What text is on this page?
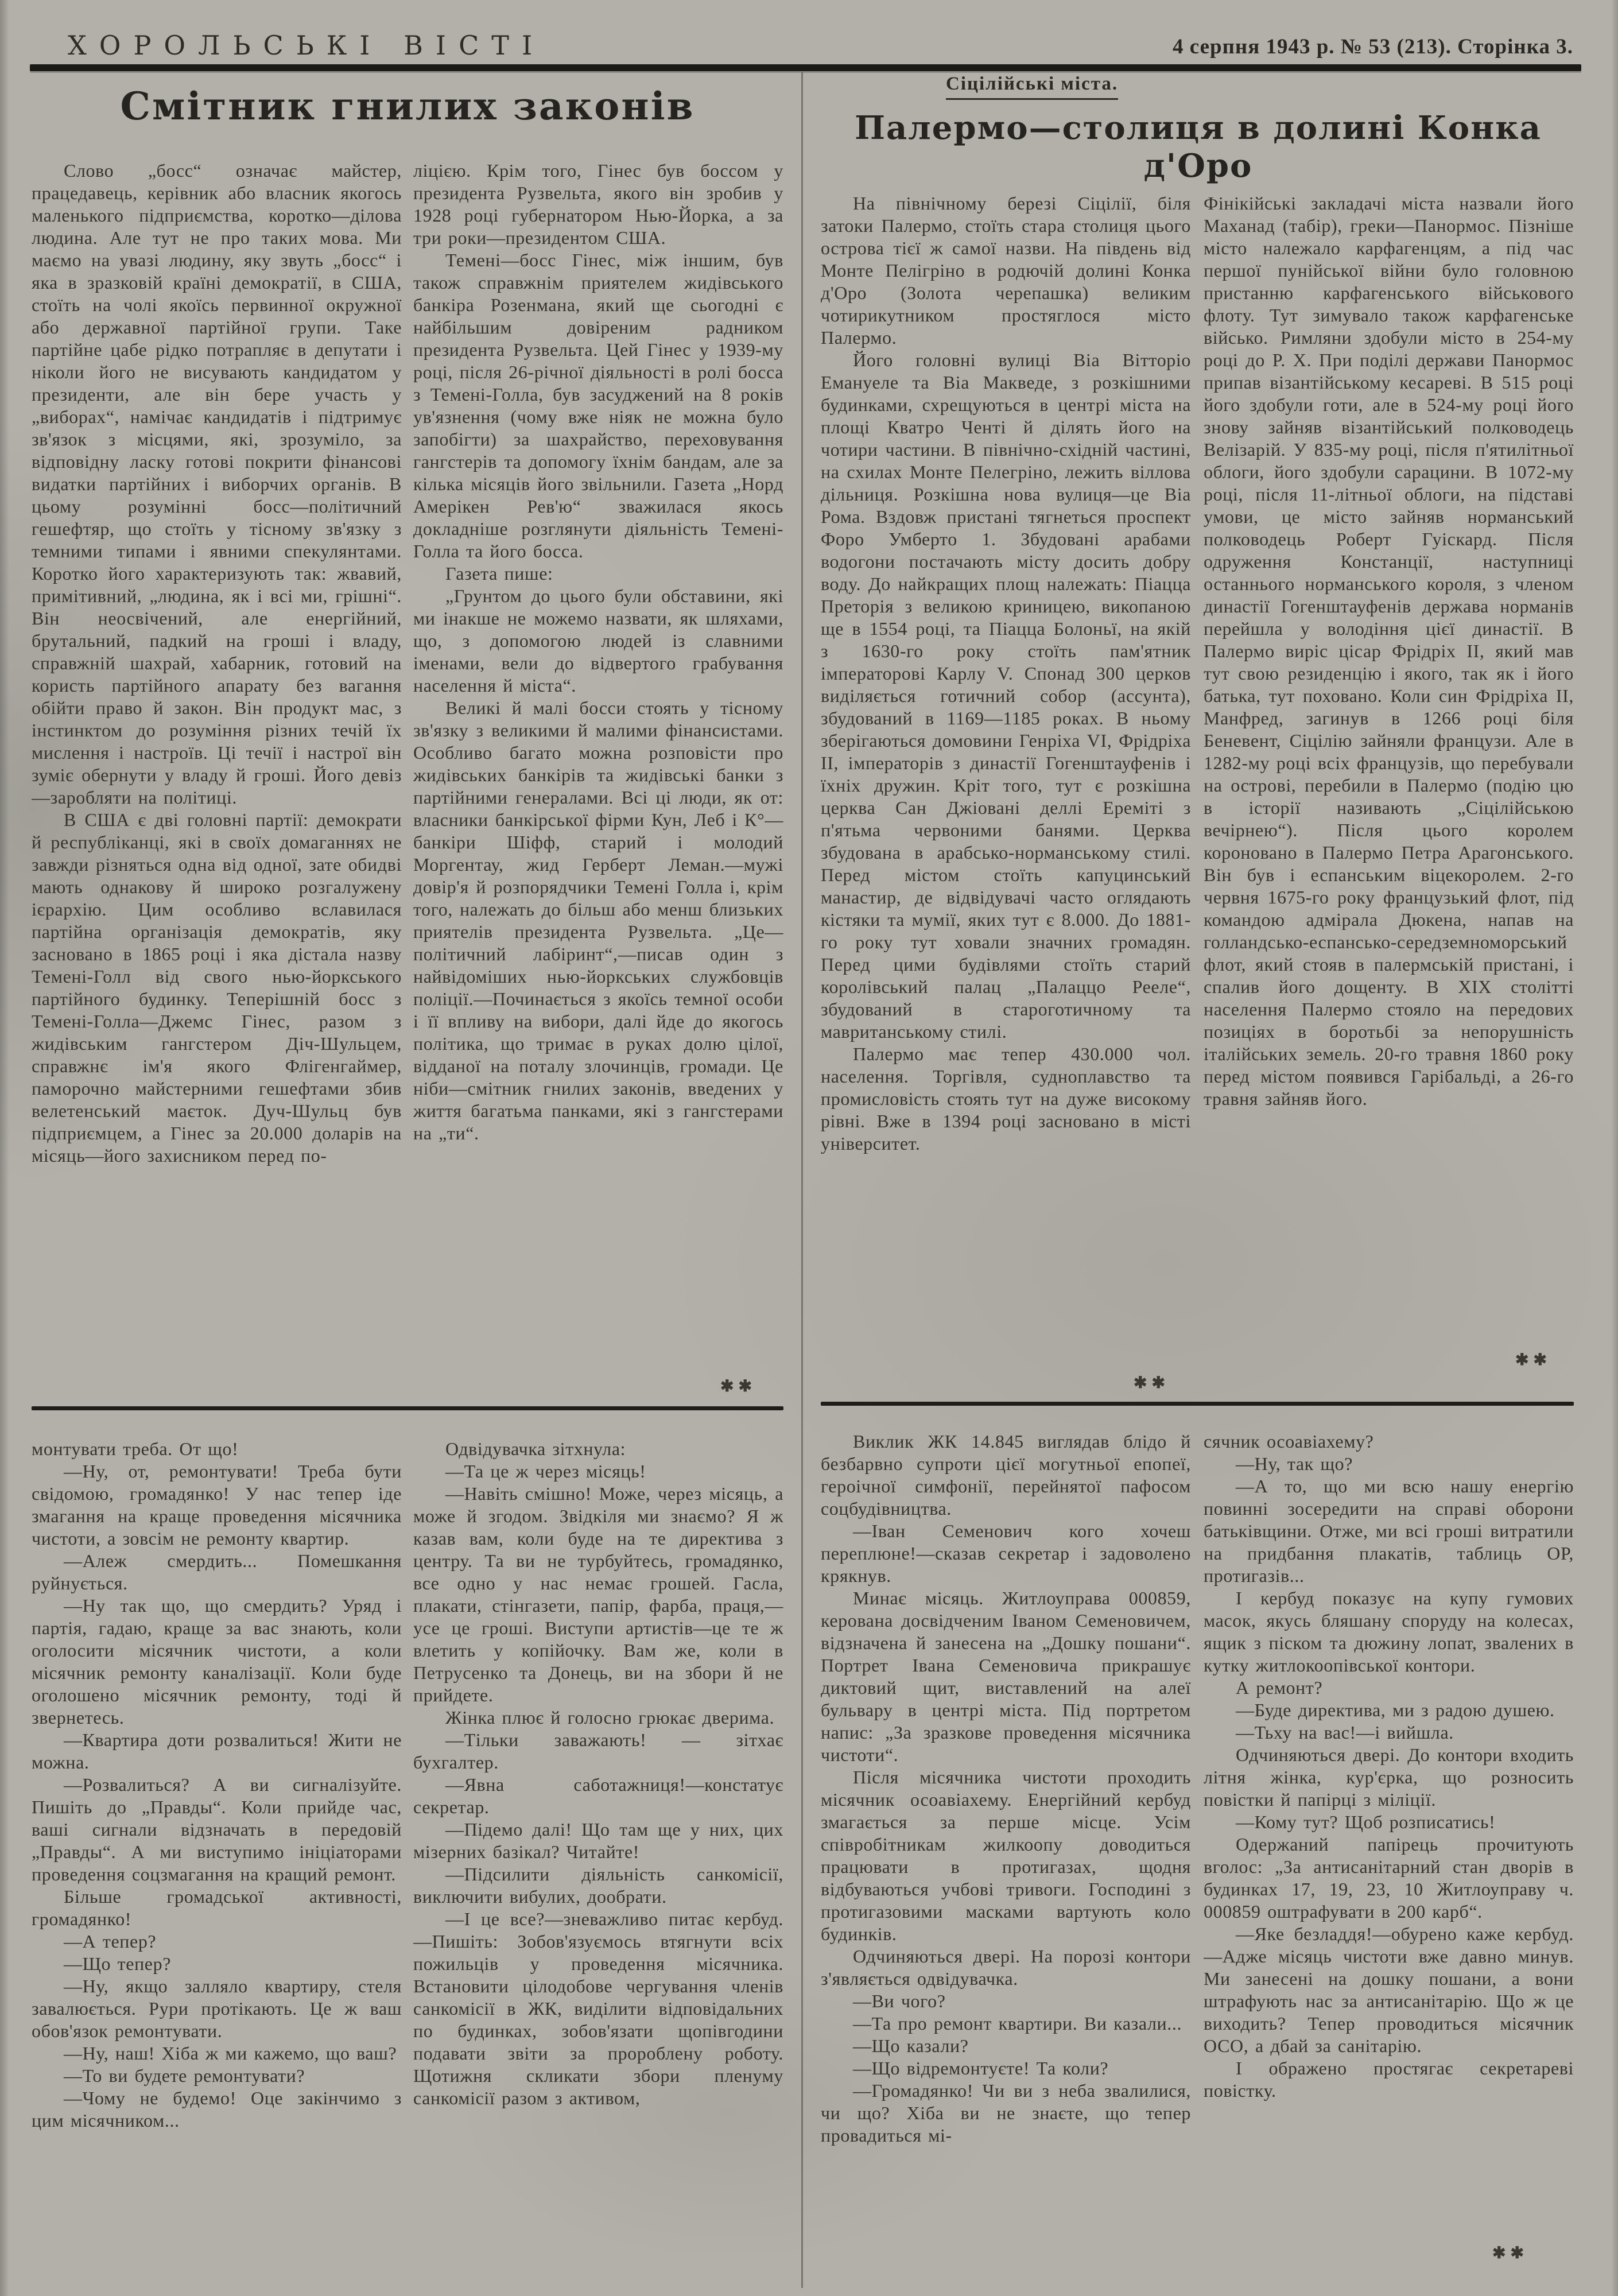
ХОРОЛЬСЬКІ ВІСТІ	4 серпня 1943 р. № 53 (213). Сторінка 3.
Смітник гнилих законів

Слово „босс“ означає майстер, працедавець, керівник або власник якогось маленького підприємства, коротко—ділова людина. Але тут не про таких мова. Ми маємо на увазі людину, яку звуть „босс“ і яка в зразковій країні демократії, в США, стоїть на чолі якоїсь первинної окружної або державної партійної групи. Таке партійне цабе рідко потрапляє в депутати і ніколи його не висувають кандидатом у президенти, але він бере участь у „виборах“, намічає кандидатів і підтримує зв'язок з місцями, які, зрозуміло, за відповідну ласку готові покрити фінансові видатки партійних і виборчих органів. В цьому розумінні босс—політичний гешефтяр, що стоїть у тісному зв'язку з темними типами і явними спекулянтами. Коротко його характеризують так: жвавий, примітивний, „людина, як і всі ми, грішні“. Він неосвічений, але енергійний, брутальний, падкий на гроші і владу, справжній шахрай, хабарник, готовий на користь партійного апарату без вагання обійти право й закон. Він продукт мас, з інстинктом до розуміння різних течій їх мислення і настроїв. Ці течії і настрої він зуміє обернути у владу й гроші. Його девіз—заробляти на політиці.

В США є дві головні партії: демократи й республіканці, які в своїх домаганнях не завжди різняться одна від одної, зате обидві мають однакову й широко розгалужену ієрархію. Цим особливо вславилася партійна організація демократів, яку засновано в 1865 році і яка дістала назву Темені-Голл від свого нью-йоркського партійного будинку. Теперішній босс з Темені-Голла—Джемс Гінес, разом з жидівським гангстером Діч-Шульцем, справжнє ім'я якого Флігенгаймер, паморочно майстерними гешефтами збив велетенський маєток. Дуч-Шульц був підприємцем, а Гінес за 20.000 доларів на місяць—його захисником перед по-

ліцією. Крім того, Гінес був боссом у президента Рузвельта, якого він зробив у 1928 році губернатором Нью-Йорка, а за три роки—президентом США.

Темені—босс Гінес, між іншим, був також справжнім приятелем жидівського банкіра Розенмана, який ще сьогодні є найбільшим довіреним радником президента Рузвельта. Цей Гінес у 1939-му році, після 26-річної діяльності в ролі босса з Темені-Голла, був засуджений на 8 років ув'язнення (чому вже ніяк не можна було запобігти) за шахрайство, переховування гангстерів та допомогу їхнім бандам, але за кілька місяців його звільнили. Газета „Норд Амерікен Рев'ю“ зважилася якось докладніше розглянути діяльність Темені-Голла та його босса.

Газета пише:

„Грунтом до цього були обставини, які ми інакше не можемо назвати, як шляхами, що, з допомогою людей із славними іменами, вели до відвертого грабування населення й міста“.

Великі й малі босси стоять у тісному зв'язку з великими й малими фінансистами. Особливо багато можна розповісти про жидівських банкірів та жидівські банки з партійними генералами. Всі ці люди, як от: власники банкірської фірми Кун, Леб і К°—банкіри Шіфф, старий і молодий Моргентау, жид Герберт Леман.—мужі довір'я й розпорядчики Темені Голла і, крім того, належать до більш або менш близьких приятелів президента Рузвельта. „Це—політичний лабіринт“,—писав один з найвідоміших нью-йоркських службовців поліції.—Починається з якоїсь темної особи і її впливу на вибори, далі йде до якогось політика, що тримає в руках долю цілої, відданої на поталу злочинців, громади. Це ніби—смітник гнилих законів, введених у життя багатьма панками, які з гангстерами на „ти“.

✱✱
Сіцілійські міста.
Палермо—столиця в долині Конка д'Оро

На північному березі Сіцілії, біля затоки Палермо, стоїть стара столиця цього острова тієї ж самої назви. На південь від Монте Пелігріно в родючій долині Конка д'Оро (Золота черепашка) великим чотирикутником простяглося місто Палермо.

Його головні вулиці Віа Вітторіо Емануеле та Віа Макведе, з розкішними будинками, схрещуються в центрі міста на площі Кватро Ченті й ділять його на чотири частини. В північно-східній частині, на схилах Монте Пелегріно, лежить віллова дільниця. Розкішна нова вулиця—це Віа Рома. Вздовж пристані тягнеться проспект Форо Умберто 1. Збудовані арабами водогони постачають місту досить добру воду. До найкращих площ належать: Піацца Преторія з великою криницею, викопаною ще в 1554 році, та Піацца Болоньї, на якій з 1630-го року стоїть пам'ятник імператорові Карлу V. Спонад 300 церков виділяється готичний собор (ассунта), збудований в 1169—1185 роках. В ньому зберігаються домовини Генріха VI, Фрідріха II, імператорів з династії Гогенштауфенів і їхніх дружин. Кріт того, тут є розкішна церква Сан Джіовані деллі Ереміті з п'ятьма червоними банями. Церква збудована в арабсько-норманському стилі. Перед містом стоїть капуцинський манастир, де відвідувачі часто оглядають кістяки та мумії, яких тут є 8.000. До 1881-го року тут ховали значних громадян. Перед цими будівлями стоїть старий королівський палац „Палаццо Рееле“, збудований в староготичному та мавританському стилі.

Палермо має тепер 430.000 чол. населення. Торгівля, судноплавство та промисловість стоять тут на дуже високому рівні. Вже в 1394 році засновано в місті університет.

Фінікійські закладачі міста назвали його Маханад (табір), греки—Панормос. Пізніше місто належало карфагенцям, а під час першої пунійської війни було головною пристанню карфагенського військового флоту. Тут зимувало також карфагенське військо. Римляни здобули місто в 254-му році до Р. Х. При поділі держави Панормос припав візантійському кесареві. В 515 році його здобули готи, але в 524-му році його знову зайняв візантійський полководець Велізарій. У 835-му році, після п'ятилітньої облоги, його здобули сарацини. В 1072-му році, після 11-літньої облоги, на підставі умови, це місто зайняв норманський полководець Роберт Гуіскард. Після одруження Констанції, наступниці останнього норманського короля, з членом династії Гогенштауфенів держава норманів перейшла у володіння цієї династії. В Палермо виріс цісар Фрідріх II, який мав тут свою резиденцію і якого, так як і його батька, тут поховано. Коли син Фрідріха II, Манфред, загинув в 1266 році біля Беневент, Сіцілію зайняли французи. Але в 1282-му році всіх французів, що перебували на острові, перебили в Палермо (подію цю в історії називають „Сіцілійською вечірнею“). Після цього королем короновано в Палермо Петра Арагонського. Він був і еспанським віцекоролем. 2-го червня 1675-го року французький флот, під командою адмірала Дюкена, напав на голландсько-еспансько-середземноморський флот, який стояв в палермській пристані, і спалив його дощенту. В XIX столітті населення Палермо стояло на передових позиціях в боротьбі за непорушність італійських земель. 20-го травня 1860 року перед містом появився Гарібальді, а 26-го травня зайняв його.

✱✱
✱✱

монтувати треба. От що!

—Ну, от, ремонтувати! Треба бути свідомою, громадянко! У нас тепер іде змагання на краще проведення місячника чистоти, а зовсім не ремонту квартир.

—Алеж смердить... Помешкання руйнується.

—Ну так що, що смердить? Уряд і партія, гадаю, краще за вас знають, коли оголосити місячник чистоти, а коли місячник ремонту каналізації. Коли буде оголошено місячник ремонту, тоді й звернетесь.

—Квартира доти розвалиться! Жити не можна.

—Розвалиться? А ви сигналізуйте. Пишіть до „Правды“. Коли прийде час, ваші сигнали відзначать в передовій „Правды“. А ми виступимо ініціаторами проведення соцзмагання на кращий ремонт.

Більше громадської активності, громадянко!

—А тепер?

—Що тепер?

—Ну, якщо залляло квартиру, стеля завалюється. Рури протікають. Це ж ваш обов'язок ремонтувати.

—Ну, наш! Хіба ж ми кажемо, що ваш?

—То ви будете ремонтувати?

—Чому не будемо! Оце закінчимо з цим місячником...

Одвідувачка зітхнула:

—Та це ж через місяць!

—Навіть смішно! Може, через місяць, а може й згодом. Звідкіля ми знаємо? Я ж казав вам, коли буде на те директива з центру. Та ви не турбуйтесь, громадянко, все одно у нас немає грошей. Гасла, плакати, стінгазети, папір, фарба, праця,—усе це гроші. Виступи артистів—це те ж влетить у копійочку. Вам же, коли в Петрусенко та Донець, ви на збори й не прийдете.

Жінка плює й голосно грюкає дверима.

—Тільки заважають! — зітхає бухгалтер.

—Явна саботажниця!—констатує секретар.

—Підемо далі! Що там ще у них, цих мізерних базікал? Читайте!

—Підсилити діяльність санкомісії, виключити вибулих, дообрати.

—І це все?—зневажливо питає кербуд.—Пишіть: Зобов'язуємось втягнути всіх пожильців у проведення місячника. Встановити цілодобове чергування членів санкомісії в ЖК, виділити відповідальних по будинках, зобов'язати щопівгодини подавати звіти за пророблену роботу. Щотижня скликати збори пленуму санкомісії разом з активом,

Виклик ЖК 14.845 виглядав блідо й безбарвно супроти цієї могутньої епопеї, героічної симфонії, перейнятої пафосом соцбудівництва.

—Іван Семенович кого хочеш переплюне!—сказав секретар і задоволено крякнув.

Минає місяць. Житлоуправа 000859, керована досвідченим Іваном Семеновичем, відзначена й занесена на „Дошку пошани“. Портрет Івана Семеновича прикрашує диктовий щит, виставлений на алеї бульвару в центрі міста. Під портретом напис: „За зразкове проведення місячника чистоти“.

Після місячника чистоти проходить місячник осоавіахему. Енергійний кербуд змагається за перше місце. Усім співробітникам жилкоопу доводиться працювати в протигазах, щодня відбуваються учбові тривоги. Господині з протигазовими масками вартують коло будинків.

Одчиняються двері. На порозі контори з'являється одвідувачка.

—Ви чого?

—Та про ремонт квартири. Ви казали...

—Що казали?

—Що відремонтуєте! Та коли?

—Громадянко! Чи ви з неба звалилися, чи що? Хіба ви не знаєте, що тепер провадиться мі-

сячник осоавіахему?

—Ну, так що?

—А то, що ми всю нашу енергію повинні зосередити на справі оборони батьківщини. Отже, ми всі гроші витратили на придбання плакатів, таблиць ОР, протигазів...

І кербуд показує на купу гумових масок, якусь бляшану споруду на колесах, ящик з піском та дюжину лопат, звалених в кутку житлокоопівської контори.

А ремонт?

—Буде директива, ми з радою душею.

—Тьху на вас!—і вийшла.

Одчиняються двері. До контори входить літня жінка, кур'єрка, що розносить повістки й папірці з міліції.

—Кому тут? Щоб розписатись!

Одержаний папірець прочитують вголос: „За антисанітарний стан дворів в будинках 17, 19, 23, 10 Житлоуправу ч. 000859 оштрафувати в 200 карб“.

—Яке безладдя!—обурено каже кербуд.—Адже місяць чистоти вже давно минув. Ми занесені на дошку пошани, а вони штрафують нас за антисанітарію. Що ж це виходить? Тепер проводиться місячник ОСО, а дбай за санітарію.

І ображено простягає секретареві повістку.

✱✱
